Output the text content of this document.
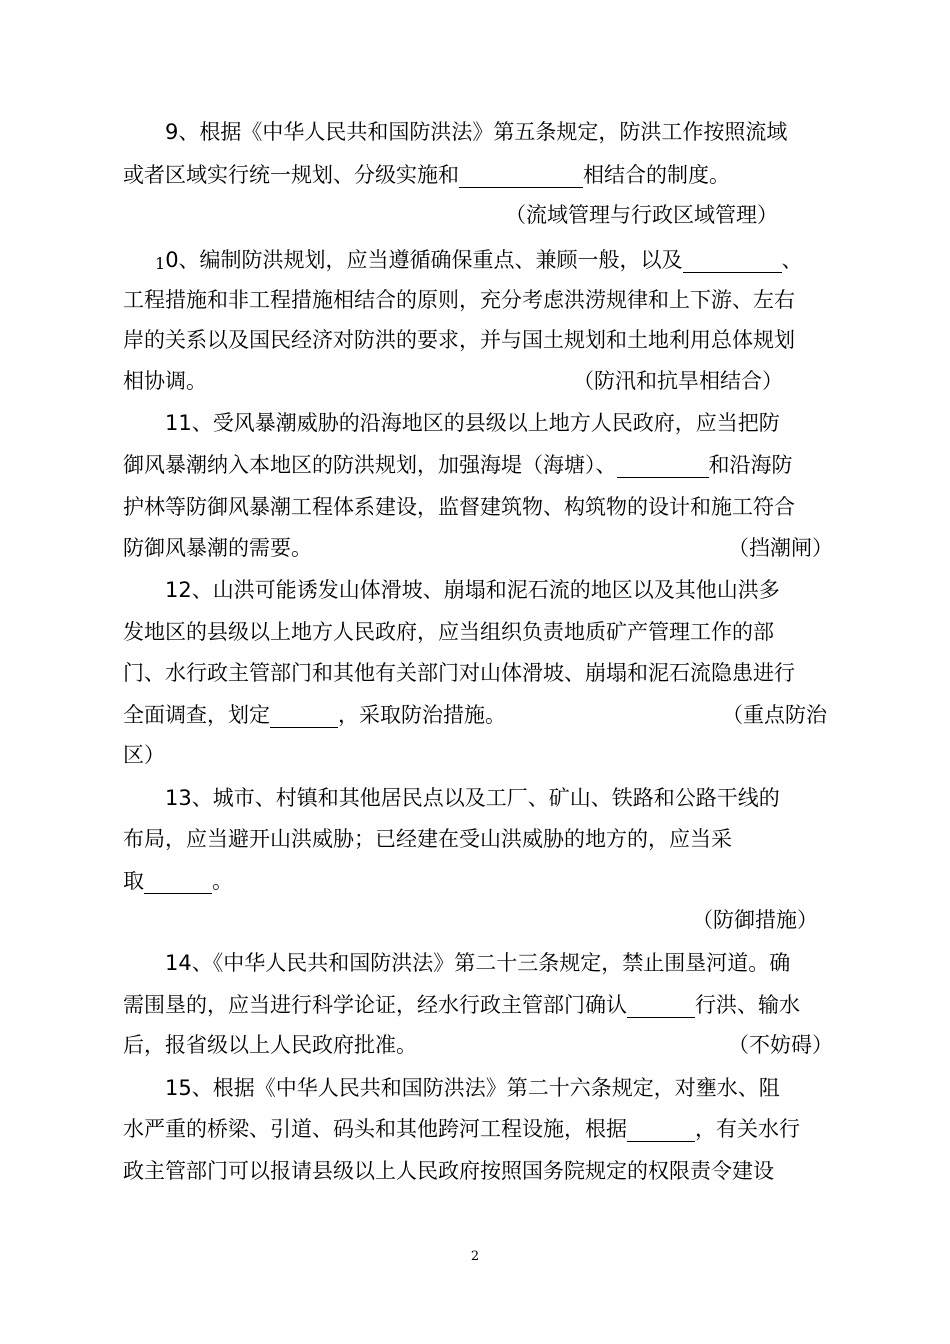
9、根据《中华人民共和国防洪法》第五条规定，防洪工作按照流域
或者区域实行统一规划、分级实施和	相结合的制度。
（流域管理与行政区域管理）
10、编制防洪规划，应当遵循确保重点、兼顾一般，以及	、
工程措施和非工程措施相结合的原则，充分考虑洪涝规律和上下游、左右
岸的关系以及国民经济对防洪的要求，并与国土规划和土地利用总体规划
相协调。	（防汛和抗旱相结合）
11、受风暴潮威胁的沿海地区的县级以上地方人民政府，应当把防
御风暴潮纳入本地区的防洪规划，加强海堤（海塘）、	和沿海防
护林等防御风暴潮工程体系建设，监督建筑物、构筑物的设计和施工符合
防御风暴潮的需要。	（挡潮闸）
12、山洪可能诱发山体滑坡、崩塌和泥石流的地区以及其他山洪多
发地区的县级以上地方人民政府，应当组织负责地质矿产管理工作的部
门、水行政主管部门和其他有关部门对山体滑坡、崩塌和泥石流隐患进行
全面调查，划定	，采取防治措施。	（重点防治
区）
13、城市、村镇和其他居民点以及工厂、矿山、铁路和公路干线的
布局，应当避开山洪威胁；已经建在受山洪威胁的地方的，应当采
取	。
（防御措施）
14、《中华人民共和国防洪法》第二十三条规定，禁止围垦河道。确
需围垦的，应当进行科学论证，经水行政主管部门确认	行洪、输水
后，报省级以上人民政府批准。	（不妨碍）
15、根据《中华人民共和国防洪法》第二十六条规定，对壅水、阻
水严重的桥梁、引道、码头和其他跨河工程设施，根据	，有关水行
政主管部门可以报请县级以上人民政府按照国务院规定的权限责令建设
2
